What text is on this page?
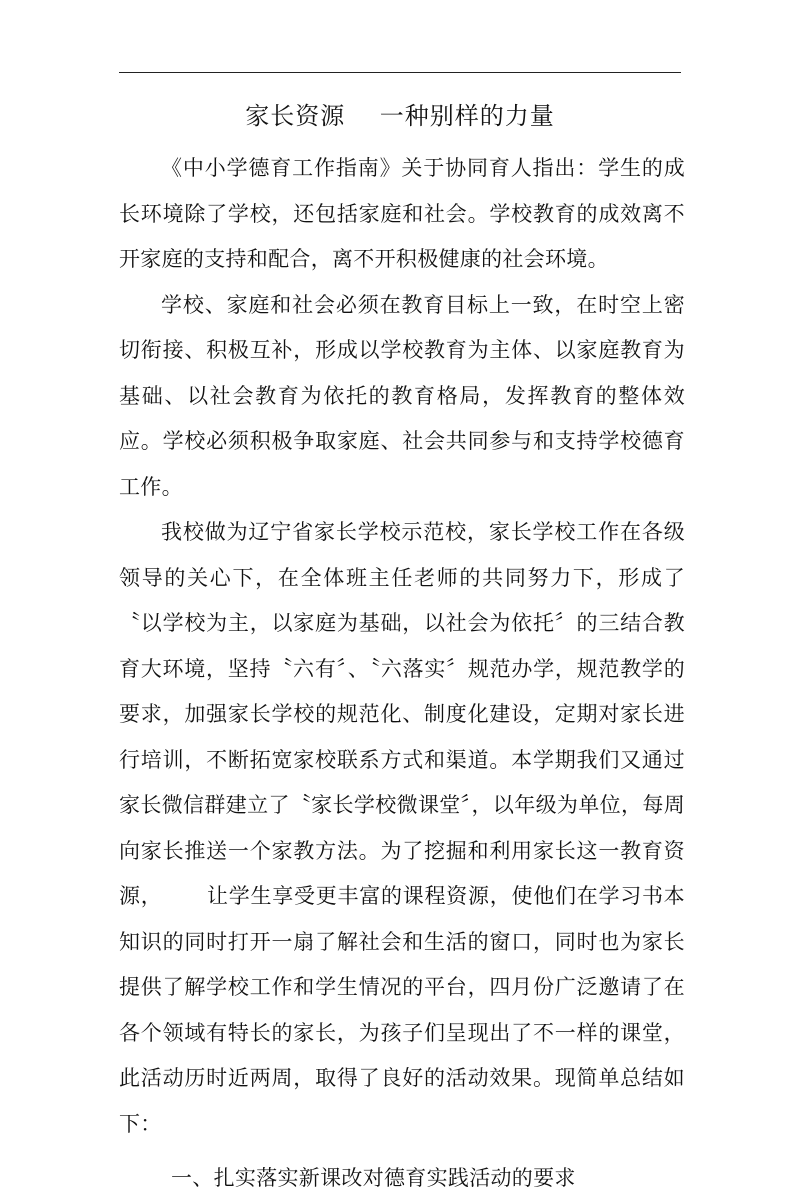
家长资源    一种别样的力量

《中小学德育工作指南》关于协同育人指出：学生的成长环境除了学校，还包括家庭和社会。学校教育的成效离不开家庭的支持和配合，离不开积极健康的社会环境。

学校、家庭和社会必须在教育目标上一致，在时空上密切衔接、积极互补，形成以学校教育为主体、以家庭教育为基础、以社会教育为依托的教育格局，发挥教育的整体效应。学校必须积极争取家庭、社会共同参与和支持学校德育工作。

我校做为辽宁省家长学校示范校，家长学校工作在各级领导的关心下，在全体班主任老师的共同努力下，形成了〝以学校为主，以家庭为基础，以社会为依托〞的三结合教育大环境，坚持〝六有〞、〝六落实〞规范办学，规范教学的要求，加强家长学校的规范化、制度化建设，定期对家长进行培训，不断拓宽家校联系方式和渠道。本学期我们又通过家长微信群建立了〝家长学校微课堂〞，以年级为单位，每周向家长推送一个家教方法。为了挖掘和利用家长这一教育资源，      让学生享受更丰富的课程资源，使他们在学习书本知识的同时打开一扇了解社会和生活的窗口，同时也为家长提供了解学校工作和学生情况的平台，四月份广泛邀请了在各个领域有特长的家长，为孩子们呈现出了不一样的课堂，此活动历时近两周，取得了良好的活动效果。现简单总结如下：

一、扎实落实新课改对德育实践活动的要求
